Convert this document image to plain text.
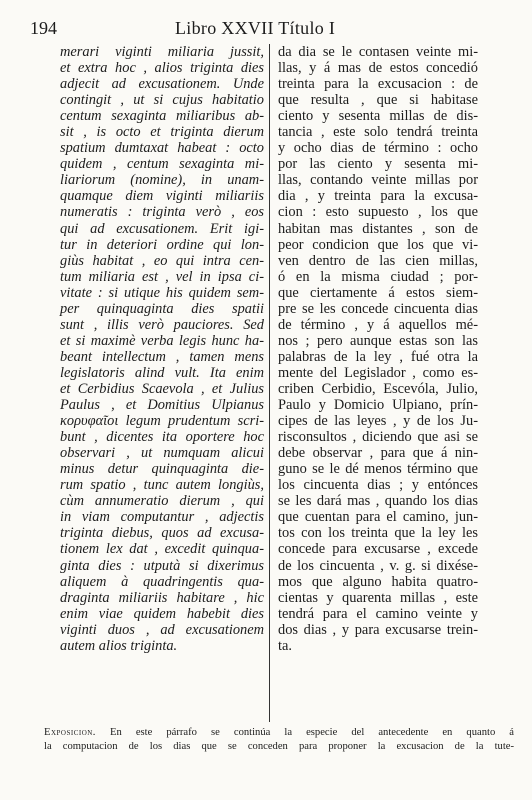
194	Libro XXVII Título I
merari viginti miliaria jussit,
et extra hoc , alios triginta dies
adjecit ad excusationem. Unde
contingit , ut si cujus habitatio
centum sexaginta miliaribus ab-
sit , is octo et triginta dierum
spatium dumtaxat habeat : octo
quidem , centum sexaginta mi-
liariorum (nomine), in unam-
quamque diem viginti miliariis
numeratis : triginta verò , eos
qui ad excusationem. Erit igi-
tur in deteriori ordine qui lon-
giùs habitat , eo qui intra cen-
tum miliaria est , vel in ipsa ci-
vitate : si utique his quidem sem-
per quinquaginta dies spatii
sunt , illis verò pauciores. Sed
et si maximè verba legis hunc ha-
beant intellectum , tamen mens
legislatoris alind vult. Ita enim
et Cerbidius Scaevola , et Julius
Paulus , et Domitius Ulpianus
κορυφαῖοι legum prudentum scri-
bunt , dicentes ita oportere hoc
observari , ut numquam alicui
minus detur quinquaginta die-
rum spatio , tunc autem longiùs,
cùm annumeratio dierum , qui
in viam computantur , adjectis
triginta diebus, quos ad excusa-
tionem lex dat , excedit quinqua-
ginta dies : utputà si dixerimus
aliquem à quadringentis qua-
draginta miliariis habitare , hic
enim viae quidem habebit dies
viginti duos , ad excusationem
autem alios triginta.
da dia se le contasen veinte mi-
llas, y á mas de estos concedió
treinta para la excusacion : de
que resulta , que si habitase
ciento y sesenta millas de dis-
tancia , este solo tendrá treinta
y ocho dias de término : ocho
por las ciento y sesenta mi-
llas, contando veinte millas por
dia , y treinta para la excusa-
cion : esto supuesto , los que
habitan mas distantes , son de
peor condicion que los que vi-
ven dentro de las cien millas,
ó en la misma ciudad ; por-
que ciertamente á estos siem-
pre se les concede cincuenta dias
de término , y á aquellos mé-
nos ; pero aunque estas son las
palabras de la ley , fué otra la
mente del Legislador , como es-
criben Cerbidio, Escevóla, Julio,
Paulo y Domicio Ulpiano, prín-
cipes de las leyes , y de los Ju-
risconsultos , diciendo que asi se
debe observar , para que á nin-
guno se le dé menos término que
los cincuenta dias ; y entónces
se les dará mas , quando los dias
que cuentan para el camino, jun-
tos con los treinta que la ley les
concede para excusarse , excede
de los cincuenta , v. g. si dixése-
mos que alguno habita quatro-
cientas y quarenta millas , este
tendrá para el camino veinte y
dos dias , y para excusarse trein-
ta.
Exposicion. En este párrafo se continúa la especie del antecedente en quanto á
la computacion de los dias que se conceden para proponer la excusacion de la tute-
